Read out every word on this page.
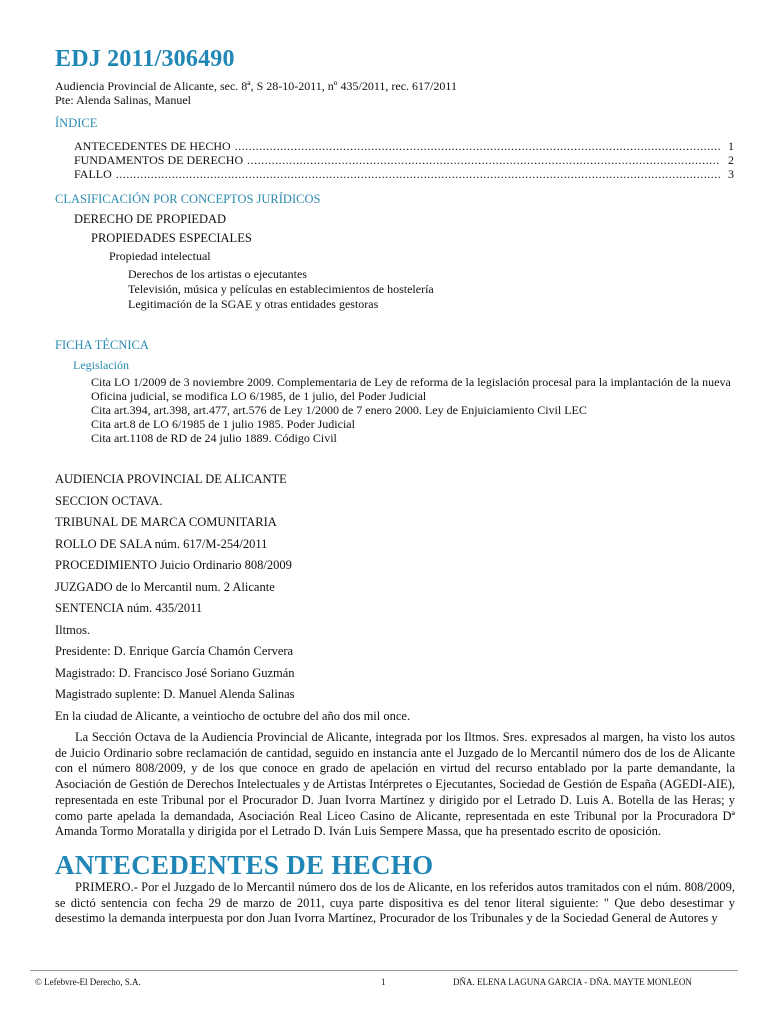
EDJ 2011/306490
Audiencia Provincial de Alicante, sec. 8ª, S 28-10-2011, nº 435/2011, rec. 617/2011
Pte: Alenda Salinas, Manuel
ÍNDICE
ANTECEDENTES DE HECHO .....	1
FUNDAMENTOS DE DERECHO .....	2
FALLO .....	3
CLASIFICACIÓN POR CONCEPTOS JURÍDICOS
DERECHO DE PROPIEDAD
PROPIEDADES ESPECIALES
Propiedad intelectual
Derechos de los artistas o ejecutantes
Televisión, música y películas en establecimientos de hostelería
Legitimación de la SGAE y otras entidades gestoras
FICHA TÉCNICA
Legislación
Cita LO 1/2009 de 3 noviembre 2009. Complementaria de Ley de reforma de la legislación procesal para la implantación de la nueva Oficina judicial, se modifica LO 6/1985, de 1 julio, del Poder Judicial
Cita art.394, art.398, art.477, art.576 de Ley 1/2000 de 7 enero 2000. Ley de Enjuiciamiento Civil LEC
Cita art.8 de LO 6/1985 de 1 julio 1985. Poder Judicial
Cita art.1108 de RD de 24 julio 1889. Código Civil
AUDIENCIA PROVINCIAL DE ALICANTE
SECCION OCTAVA.
TRIBUNAL DE MARCA COMUNITARIA
ROLLO DE SALA núm. 617/M-254/2011
PROCEDIMIENTO Juicio Ordinario 808/2009
JUZGADO de lo Mercantil num. 2 Alicante
SENTENCIA núm. 435/2011
Iltmos.
Presidente: D. Enrique García Chamón Cervera
Magistrado: D. Francisco José Soriano Guzmán
Magistrado suplente: D. Manuel Alenda Salinas
En la ciudad de Alicante, a veintiocho de octubre del año dos mil once.

La Sección Octava de la Audiencia Provincial de Alicante, integrada por los Iltmos. Sres. expresados al margen, ha visto los autos de Juicio Ordinario sobre reclamación de cantidad, seguido en instancia ante el Juzgado de lo Mercantil número dos de los de Alicante con el número 808/2009, y de los que conoce en grado de apelación en virtud del recurso entablado por la parte demandante, la Asociación de Gestión de Derechos Intelectuales y de Artistas Intérpretes o Ejecutantes, Sociedad de Gestión de España (AGEDI-AIE), representada en este Tribunal por el Procurador D. Juan Ivorra Martínez y dirigido por el Letrado D. Luis A. Botella de las Heras; y como parte apelada la demandada, Asociación Real Liceo Casino de Alicante, representada en este Tribunal por la Procuradora Dª Amanda Tormo Moratalla y dirigida por el Letrado D. Iván Luis Sempere Massa, que ha presentado escrito de oposición.

ANTECEDENTES DE HECHO

PRIMERO.- Por el Juzgado de lo Mercantil número dos de los de Alicante, en los referidos autos tramitados con el núm. 808/2009, se dictó sentencia con fecha 29 de marzo de 2011, cuya parte dispositiva es del tenor literal siguiente: " Que debo desestimar y desestimo la demanda interpuesta por don Juan Ivorra Martínez, Procurador de los Tribunales y de la Sociedad General de Autores y

© Lefebvre-El Derecho, S.A.	1	DÑA. ELENA LAGUNA GARCIA - DÑA. MAYTE MONLEON
